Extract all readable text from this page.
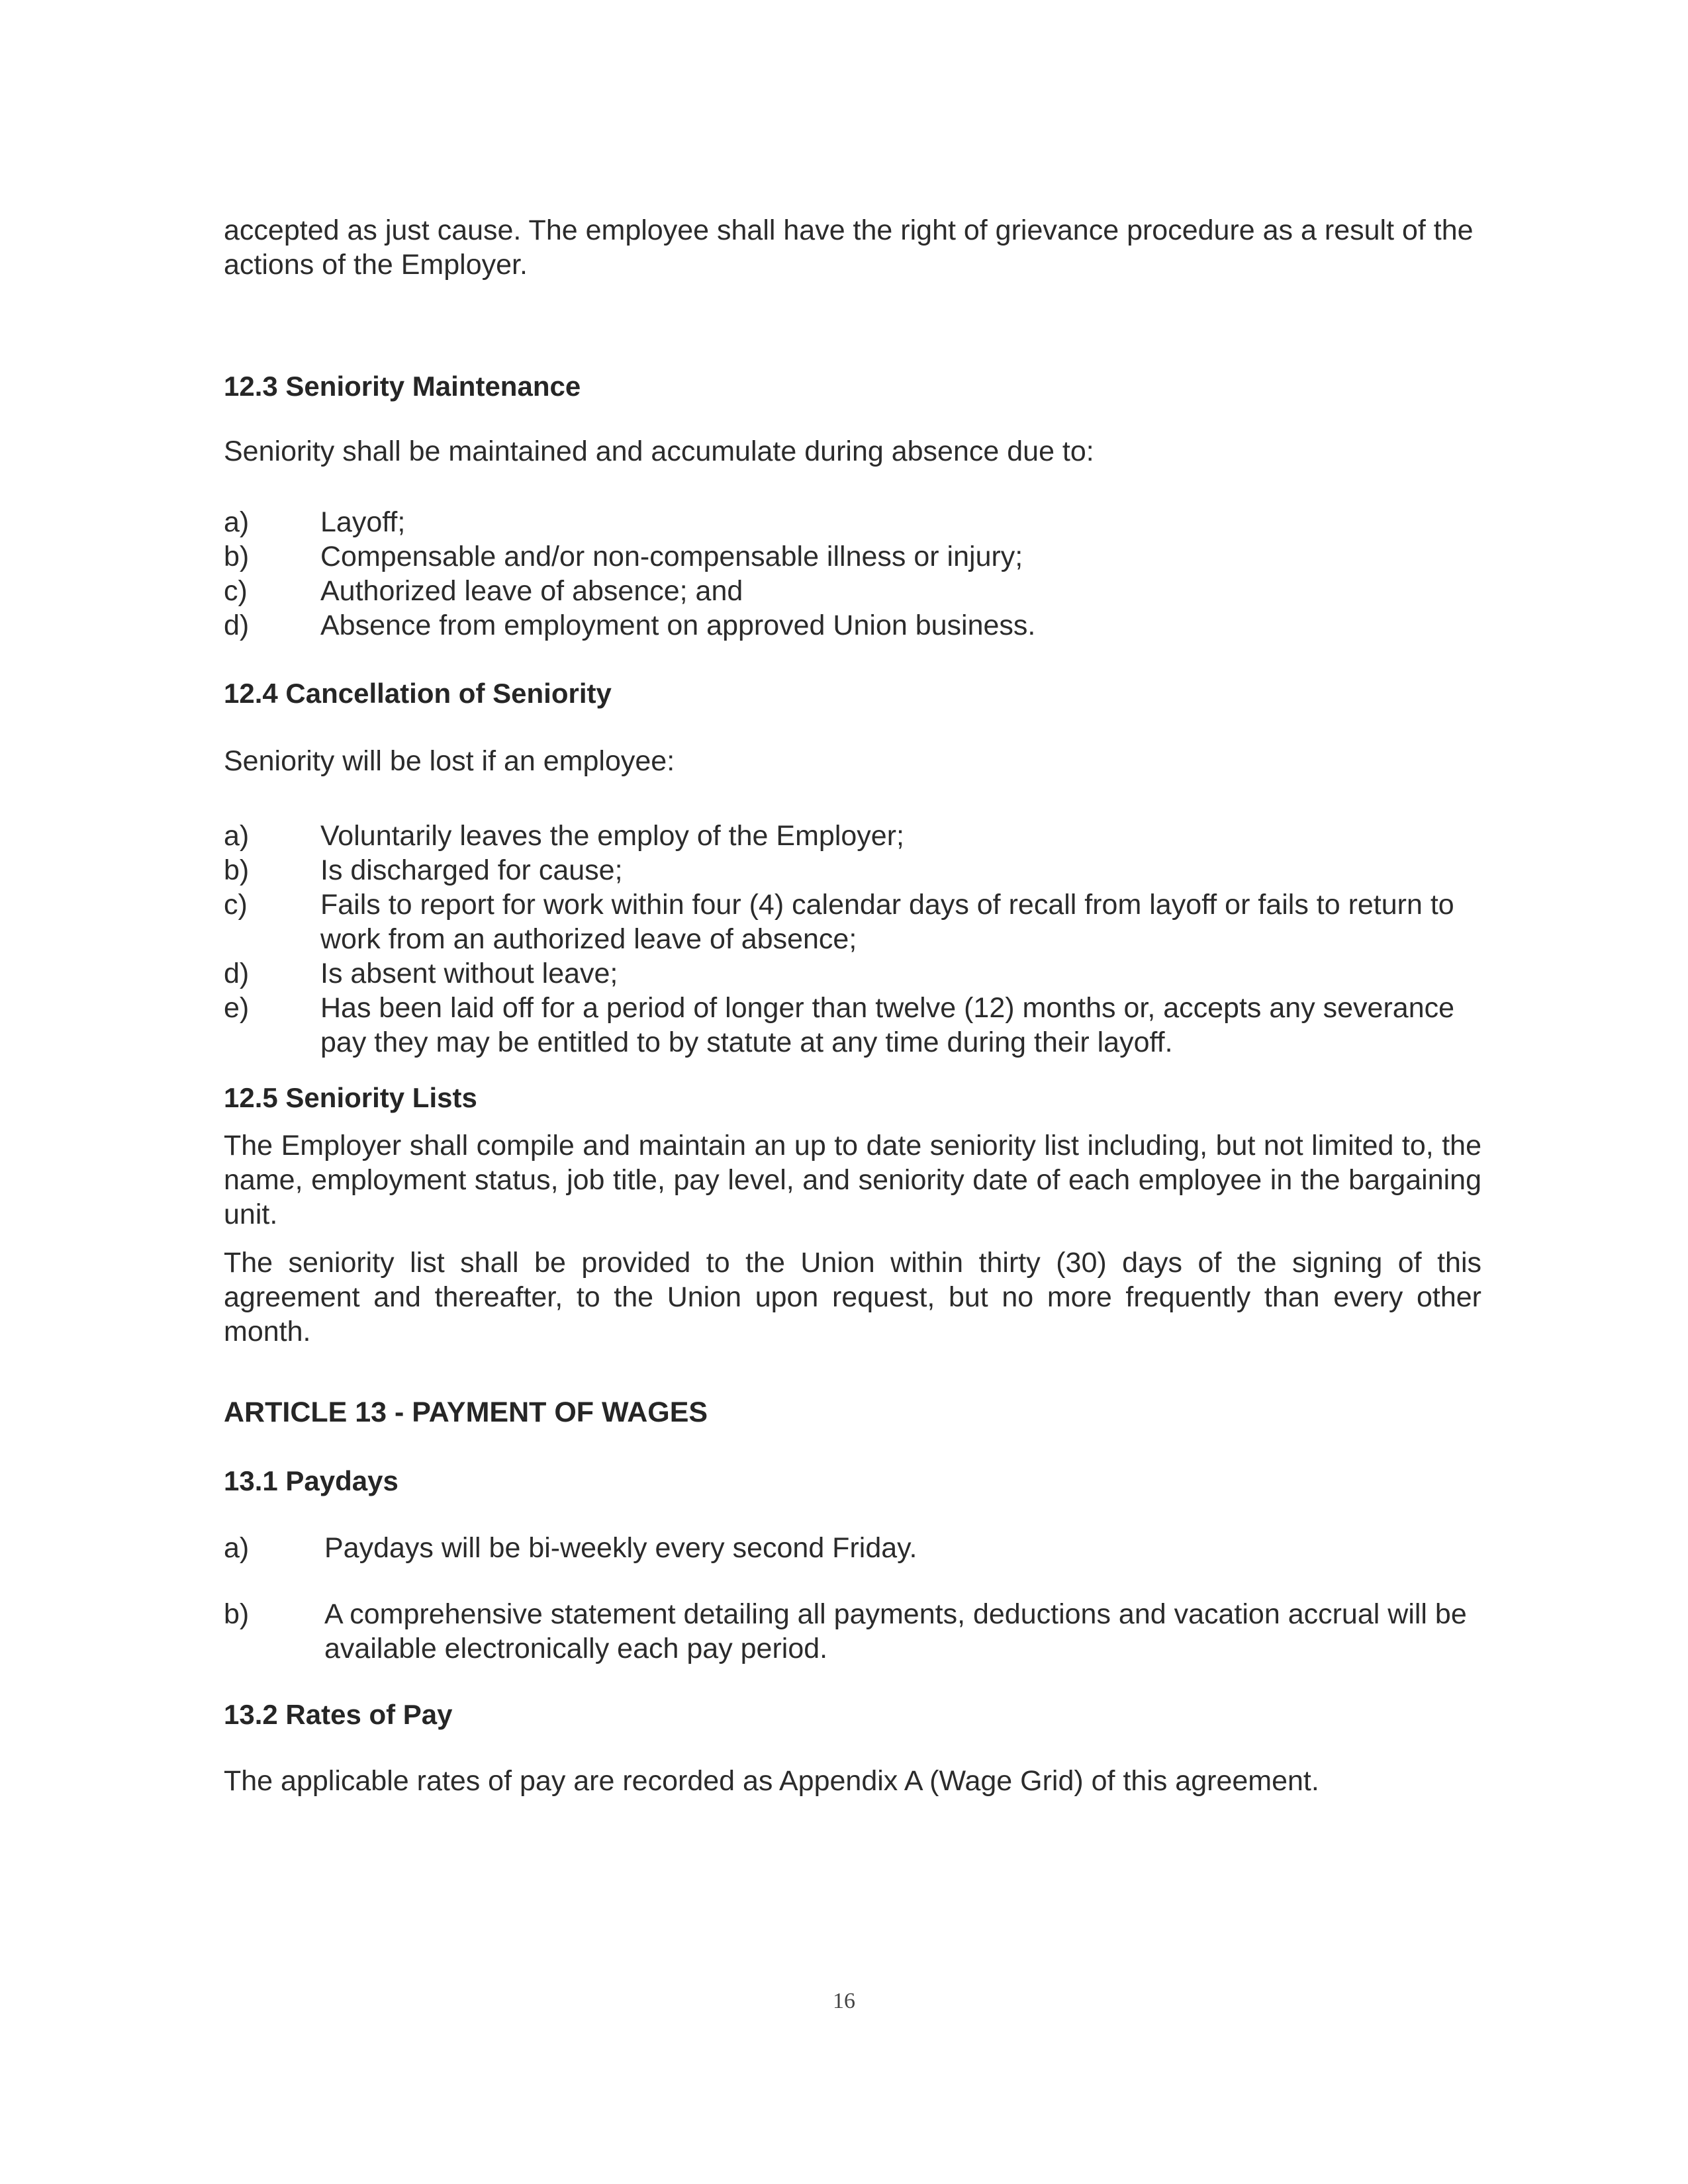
accepted as just cause. The employee shall have the right of grievance procedure as a result of the actions of the Employer.

12.3 Seniority Maintenance

Seniority shall be maintained and accumulate during absence due to:

a)	Layoff;
b)	Compensable and/or non-compensable illness or injury;
c)	Authorized leave of absence; and
d)	Absence from employment on approved Union business.
12.4 Cancellation of Seniority

Seniority will be lost if an employee:

a)	Voluntarily leaves the employ of the Employer;
b)	Is discharged for cause;
c)	Fails to report for work within four (4) calendar days of recall from layoff or fails to return to work from an authorized leave of absence;
d)	Is absent without leave;
e)	Has been laid off for a period of longer than twelve (12) months or, accepts any severance pay they may be entitled to by statute at any time during their layoff.
12.5 Seniority Lists

The Employer shall compile and maintain an up to date seniority list including, but not limited to, the name, employment status, job title, pay level, and seniority date of each employee in the bargaining unit.

The seniority list shall be provided to the Union within thirty (30) days of the signing of this agreement and thereafter, to the Union upon request, but no more frequently than every other month.

ARTICLE 13 - PAYMENT OF WAGES
13.1 Paydays
a)	Paydays will be bi-weekly every second Friday.
b)	A comprehensive statement detailing all payments, deductions and vacation accrual will be available electronically each pay period.
13.2 Rates of Pay

The applicable rates of pay are recorded as Appendix A (Wage Grid) of this agreement.

16
